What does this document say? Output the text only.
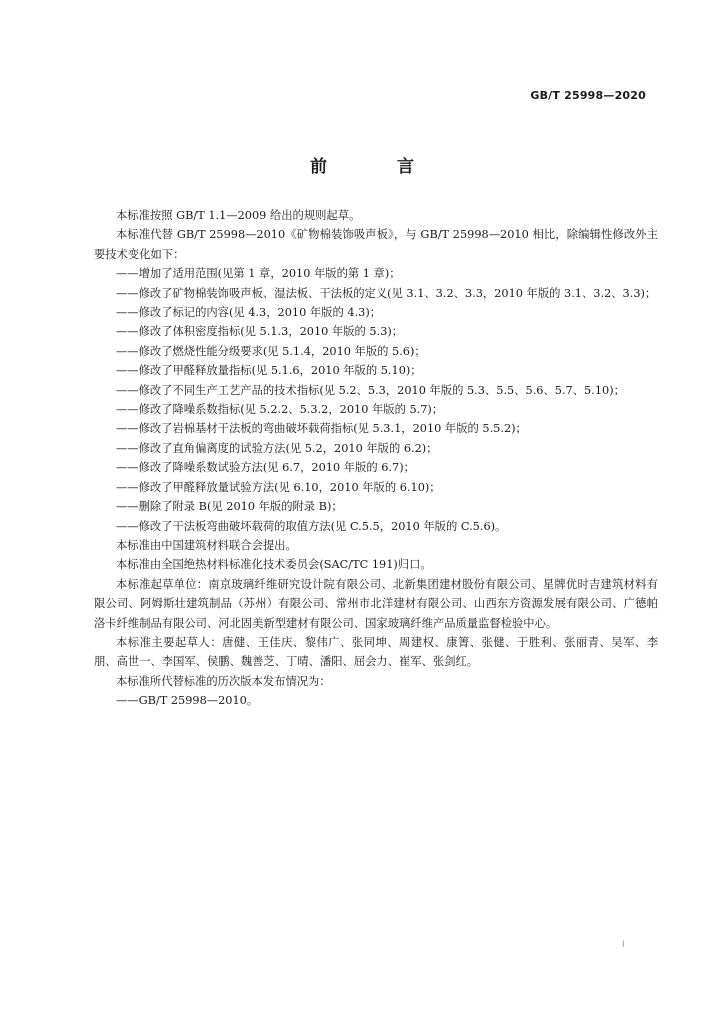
GB/T 25998—2020
前 言

本标准按照 GB/T 1.1—2009 给出的规则起草。

本标准代替 GB/T 25998—2010《矿物棉装饰吸声板》，与 GB/T 25998—2010 相比，除编辑性修改外主要技术变化如下：

——增加了适用范围(见第 1 章，2010 年版的第 1 章)；

——修改了矿物棉装饰吸声板、湿法板、干法板的定义(见 3.1、3.2、3.3，2010 年版的 3.1、3.2、3.3)；

——修改了标记的内容(见 4.3，2010 年版的 4.3)；

——修改了体积密度指标(见 5.1.3，2010 年版的 5.3)；

——修改了燃烧性能分级要求(见 5.1.4，2010 年版的 5.6)；

——修改了甲醛释放量指标(见 5.1.6，2010 年版的 5.10)；

——修改了不同生产工艺产品的技术指标(见 5.2、5.3，2010 年版的 5.3、5.5、5.6、5.7、5.10)；

——修改了降噪系数指标(见 5.2.2、5.3.2，2010 年版的 5.7)；

——修改了岩棉基材干法板的弯曲破坏载荷指标(见 5.3.1，2010 年版的 5.5.2)；

——修改了直角偏离度的试验方法(见 5.2，2010 年版的 6.2)；

——修改了降噪系数试验方法(见 6.7，2010 年版的 6.7)；

——修改了甲醛释放量试验方法(见 6.10，2010 年版的 6.10)；

——删除了附录 B(见 2010 年版的附录 B)；

——修改了干法板弯曲破坏载荷的取值方法(见 C.5.5，2010 年版的 C.5.6)。

本标准由中国建筑材料联合会提出。

本标准由全国绝热材料标准化技术委员会(SAC/TC 191)归口。

本标准起草单位：南京玻璃纤维研究设计院有限公司、北新集团建材股份有限公司、星牌优时吉建筑材料有限公司、阿姆斯壮建筑制品（苏州）有限公司、常州市北洋建材有限公司、山西东方资源发展有限公司、广德帕洛卡纤维制品有限公司、河北固美新型建材有限公司、国家玻璃纤维产品质量监督检验中心。

本标准主要起草人：唐健、王佳庆、黎伟广、张同坤、周建权、康箐、张健、于胜利、张丽青、吴军、李朋、高世一、李国军、侯鹏、魏善芝、丁晴、潘阳、屈会力、崔军、张剑红。

本标准所代替标准的历次版本发布情况为：

——GB/T 25998—2010。

I
